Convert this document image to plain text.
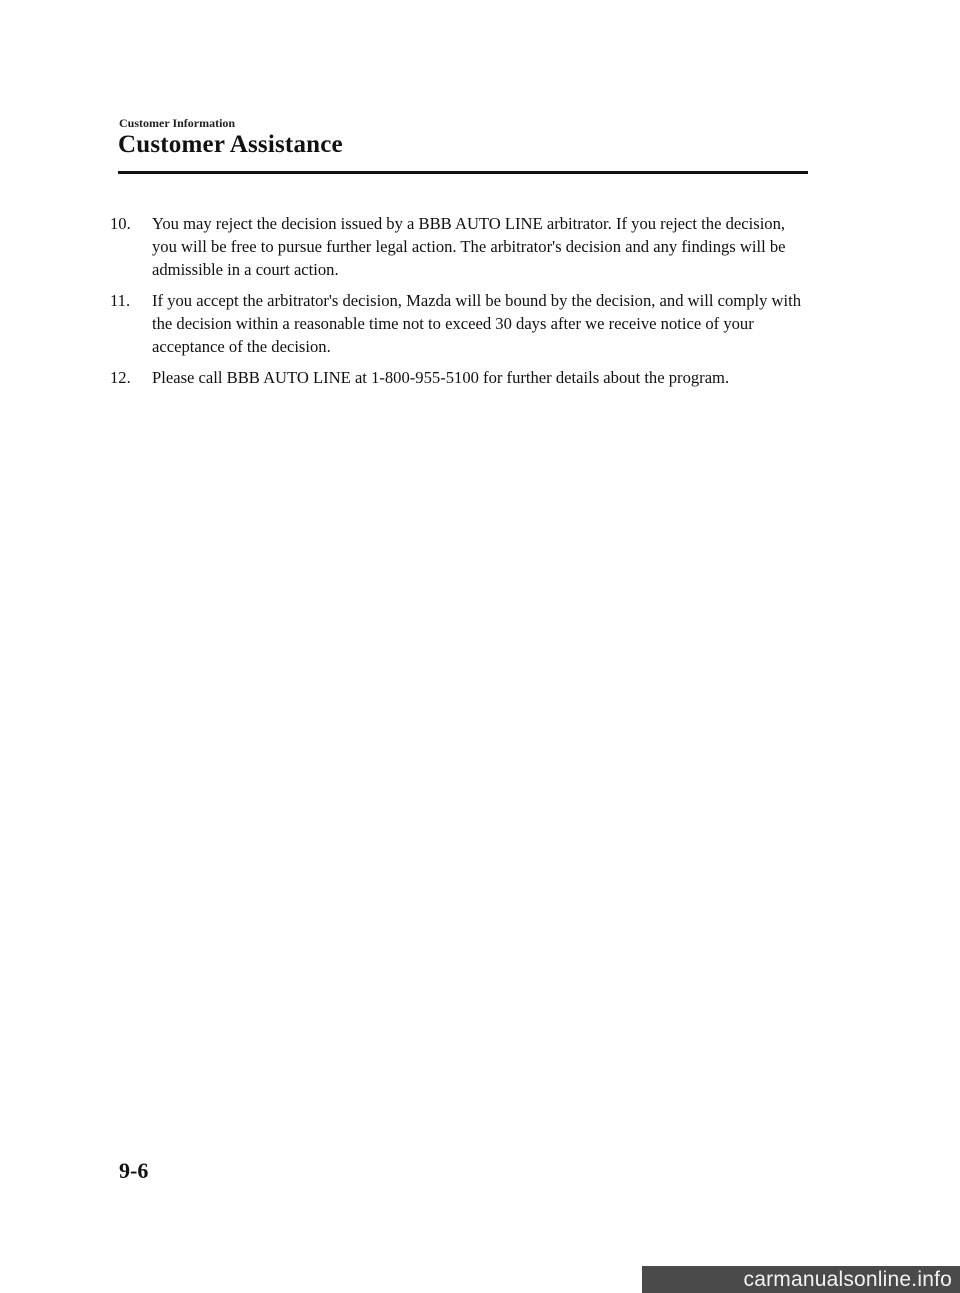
Customer Information
Customer Assistance
10. You may reject the decision issued by a BBB AUTO LINE arbitrator. If you reject the decision, you will be free to pursue further legal action. The arbitrator's decision and any findings will be admissible in a court action.
11. If you accept the arbitrator's decision, Mazda will be bound by the decision, and will comply with the decision within a reasonable time not to exceed 30 days after we receive notice of your acceptance of the decision.
12. Please call BBB AUTO LINE at 1-800-955-5100 for further details about the program.
9-6
carmanualsonline.info
